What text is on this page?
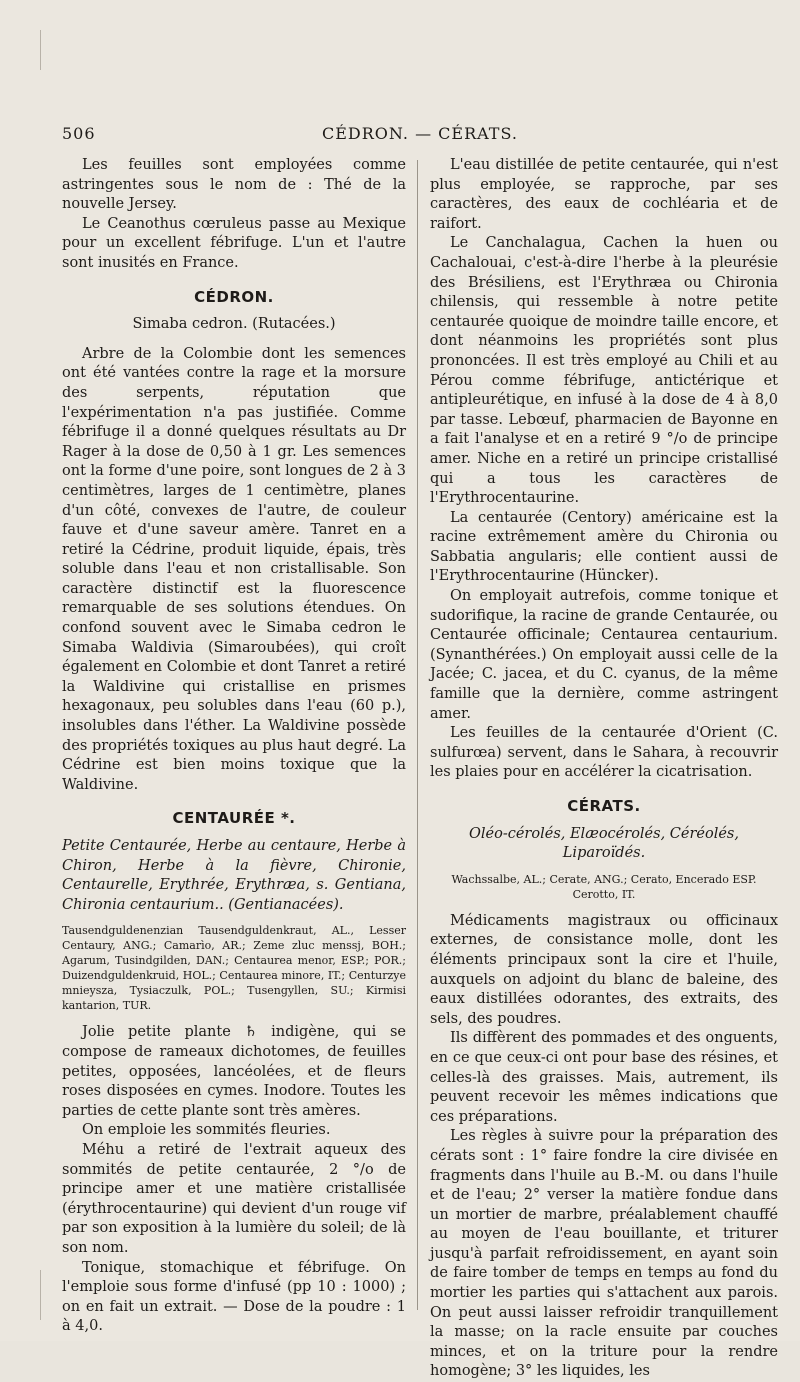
506	CÉDRON. — CÉRATS.

Les feuilles sont employées comme astringentes sous le nom de : Thé de la nouvelle Jersey.

Le Ceanothus cœruleus passe au Mexique pour un excellent fébrifuge. L'un et l'autre sont inusités en France.

CÉDRON.

Simaba cedron. (Rutacées.)

Arbre de la Colombie dont les semences ont été vantées contre la rage et la morsure des serpents, réputation que l'expérimentation n'a pas justifiée. Comme fébrifuge il a donné quelques résultats au Dr Rager à la dose de 0,50 à 1 gr. Les semences ont la forme d'une poire, sont longues de 2 à 3 centimètres, larges de 1 centimètre, planes d'un côté, convexes de l'autre, de couleur fauve et d'une saveur amère. Tanret en a retiré la Cédrine, produit liquide, épais, très soluble dans l'eau et non cristallisable. Son caractère distinctif est la fluorescence remarquable de ses solutions étendues. On confond souvent avec le Simaba cedron le Simaba Waldivia (Simaroubées), qui croît également en Colombie et dont Tanret a retiré la Waldivine qui cristallise en prismes hexagonaux, peu solubles dans l'eau (60 p.), insolubles dans l'éther. La Waldivine possède des propriétés toxiques au plus haut degré. La Cédrine est bien moins toxique que la Waldivine.

CENTAURÉE *.

Petite Centaurée, Herbe au centaure, Herbe à Chiron, Herbe à la fièvre, Chironie, Centaurelle, Erythrée, Erythræa, s. Gentiana, Chironia centaurium.. (Gentianacées).

Tausendguldenenzian Tausendguldenkraut, AL., Lesser Centaury, ANG.; Camarìo, AR.; Zeme zluc menssj, BOH.; Agarum, Tusindgilden, DAN.; Centaurea menor, ESP.; POR.; Duizendguldenkruid, HOL.; Centaurea minore, IT.; Centurzye mnieysza, Tysiaczulk, POL.; Tusengyllen, SU.; Kirmisi kantarion, TUR.

Jolie petite plante ♄ indigène, qui se compose de rameaux dichotomes, de feuilles petites, opposées, lancéolées, et de fleurs roses disposées en cymes. Inodore. Toutes les parties de cette plante sont très amères.

On emploie les sommités fleuries.

Méhu a retiré de l'extrait aqueux des sommités de petite centaurée, 2 °/o de principe amer et une matière cristallisée (érythrocentaurine) qui devient d'un rouge vif par son exposition à la lumière du soleil; de là son nom.

Tonique, stomachique et fébrifuge. On l'emploie sous forme d'infusé (pp 10 : 1000) ; on en fait un extrait. — Dose de la poudre : 1 à 4,0.

L'eau distillée de petite centaurée, qui n'est plus employée, se rapproche, par ses caractères, des eaux de cochléaria et de raifort.

Le Canchalagua, Cachen la huen ou Cachalouai, c'est-à-dire l'herbe à la pleurésie des Brésiliens, est l'Erythræa ou Chironia chilensis, qui ressemble à notre petite centaurée quoique de moindre taille encore, et dont néanmoins les propriétés sont plus prononcées. Il est très employé au Chili et au Pérou comme fébrifuge, antictérique et antipleurétique, en infusé à la dose de 4 à 8,0 par tasse. Lebœuf, pharmacien de Bayonne en a fait l'analyse et en a retiré 9 °/o de principe amer. Niche en a retiré un principe cristallisé qui a tous les caractères de l'Erythrocentaurine.

La centaurée (Centory) américaine est la racine extrêmement amère du Chironia ou Sabbatia angularis; elle contient aussi de l'Erythrocentaurine (Hüncker).

On employait autrefois, comme tonique et sudorifique, la racine de grande Centaurée, ou Centaurée officinale; Centaurea centaurium. (Synanthérées.) On employait aussi celle de la Jacée; C. jacea, et du C. cyanus, de la même famille que la dernière, comme astringent amer.

Les feuilles de la centaurée d'Orient (C. sulfurœa) servent, dans le Sahara, à recouvrir les plaies pour en accélérer la cicatrisation.

CÉRATS.

Oléo-cérolés, Elæocérolés, Céréolés, Liparoïdés.

Wachssalbe, AL.; Cerate, ANG.; Cerato, Encerado ESP. Cerotto, IT.

Médicaments magistraux ou officinaux externes, de consistance molle, dont les éléments principaux sont la cire et l'huile, auxquels on adjoint du blanc de baleine, des eaux distillées odorantes, des extraits, des sels, des poudres.

Ils diffèrent des pommades et des onguents, en ce que ceux-ci ont pour base des résines, et celles-là des graisses. Mais, autrement, ils peuvent recevoir les mêmes indications que ces préparations.

Les règles à suivre pour la préparation des cérats sont : 1° faire fondre la cire divisée en fragments dans l'huile au B.-M. ou dans l'huile et de l'eau; 2° verser la matière fondue dans un mortier de marbre, préalablement chauffé au moyen de l'eau bouillante, et triturer jusqu'à parfait refroidissement, en ayant soin de faire tomber de temps en temps au fond du mortier les parties qui s'attachent aux parois. On peut aussi laisser refroidir tranquillement la masse; on la racle ensuite par couches minces, et on la triture pour la rendre homogène; 3° les liquides, les
